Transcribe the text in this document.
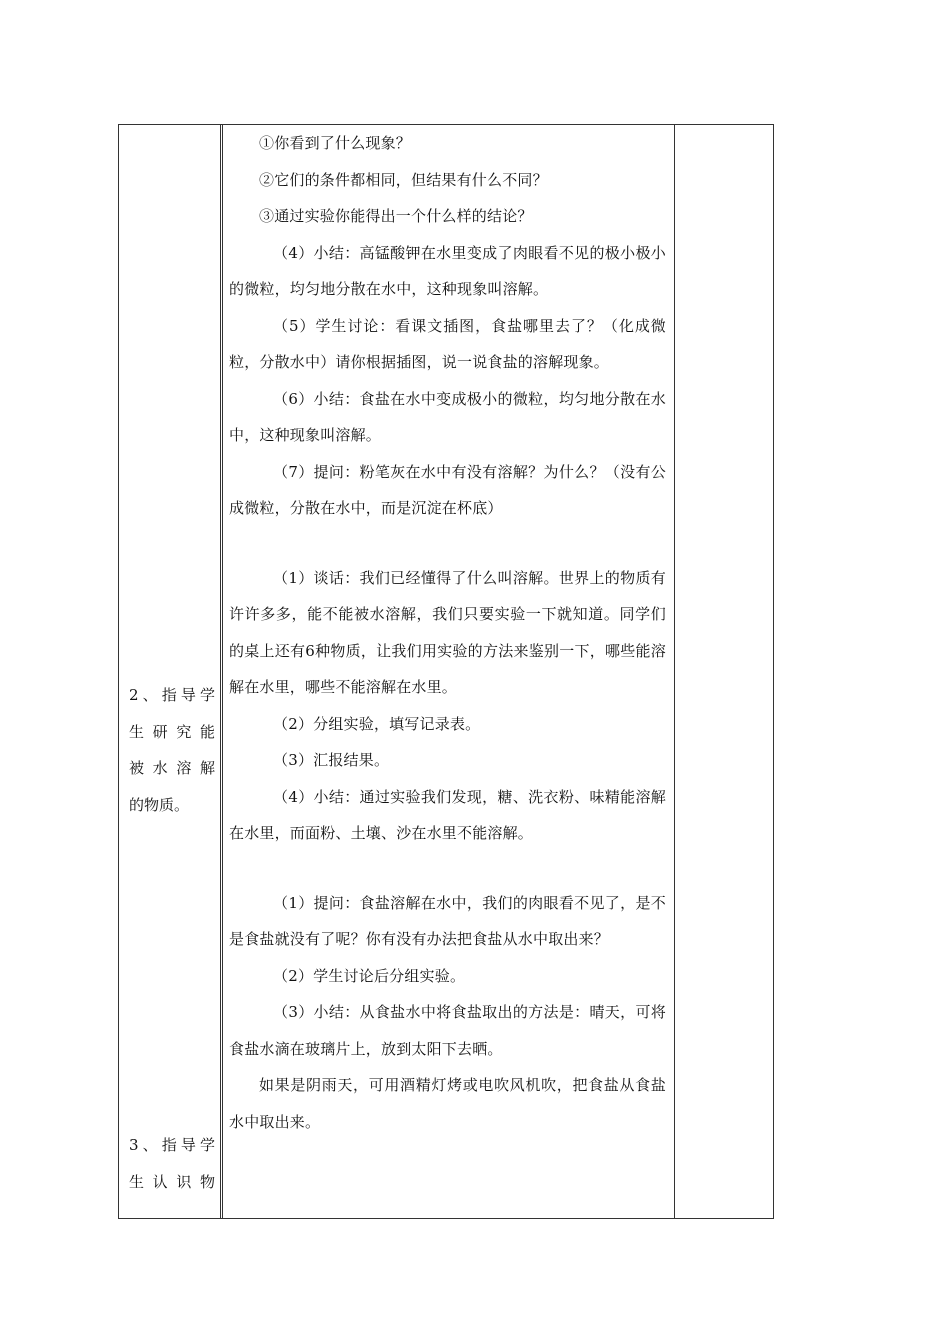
2、指导学
生研究能
被水溶解
的物质。
3、指导学
生认识物

①你看到了什么现象？

②它们的条件都相同，但结果有什么不同？

③通过实验你能得出一个什么样的结论？

（4）小结：高锰酸钾在水里变成了肉眼看不见的极小极小的微粒，均匀地分散在水中，这种现象叫溶解。

（5）学生讨论：看课文插图，食盐哪里去了？（化成微粒，分散水中）请你根据插图，说一说食盐的溶解现象。

（6）小结：食盐在水中变成极小的微粒，均匀地分散在水中，这种现象叫溶解。

（7）提问：粉笔灰在水中有没有溶解？为什么？（没有公成微粒，分散在水中，而是沉淀在杯底）

（1）谈话：我们已经懂得了什么叫溶解。世界上的物质有许许多多，能不能被水溶解，我们只要实验一下就知道。同学们的桌上还有6种物质，让我们用实验的方法来鉴别一下，哪些能溶解在水里，哪些不能溶解在水里。

（2）分组实验，填写记录表。

（3）汇报结果。

（4）小结：通过实验我们发现，糖、洗衣粉、味精能溶解在水里，而面粉、土壤、沙在水里不能溶解。

（1）提问：食盐溶解在水中，我们的肉眼看不见了，是不是食盐就没有了呢？你有没有办法把食盐从水中取出来？

（2）学生讨论后分组实验。

（3）小结：从食盐水中将食盐取出的方法是：晴天，可将食盐水滴在玻璃片上，放到太阳下去晒。

如果是阴雨天，可用酒精灯烤或电吹风机吹，把食盐从食盐水中取出来。
